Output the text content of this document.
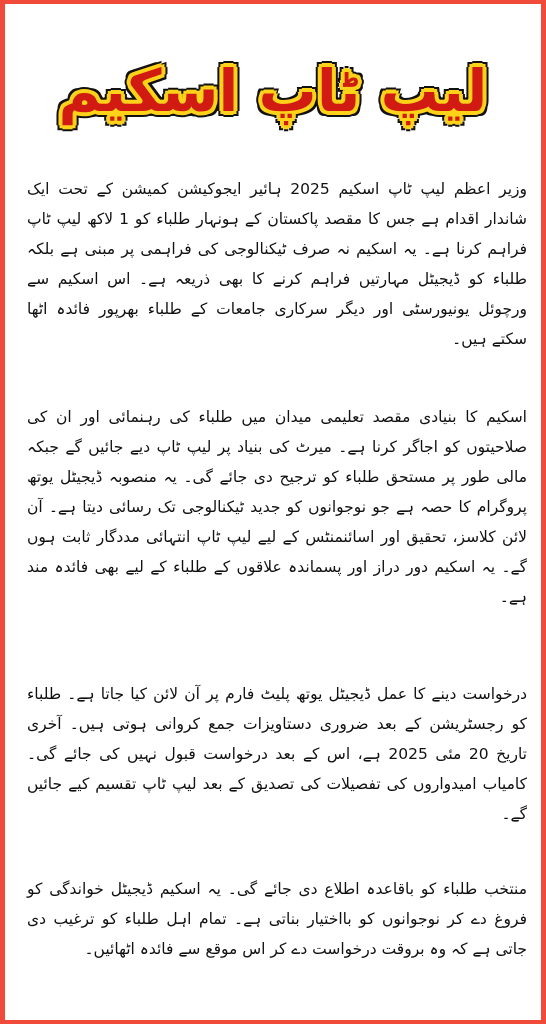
لیپ ٹاپ اسکیم

وزیر اعظم لیپ ٹاپ اسکیم 2025 ہائیر ایجوکیشن کمیشن کے تحت ایک شاندار اقدام ہے جس کا مقصد پاکستان کے ہونہار طلباء کو 1 لاکھ لیپ ٹاپ فراہم کرنا ہے۔ یہ اسکیم نہ صرف ٹیکنالوجی کی فراہمی پر مبنی ہے بلکہ طلباء کو ڈیجیٹل مہارتیں فراہم کرنے کا بھی ذریعہ ہے۔ اس اسکیم سے ورچوئل یونیورسٹی اور دیگر سرکاری جامعات کے طلباء بھرپور فائدہ اٹھا سکتے ہیں۔

اسکیم کا بنیادی مقصد تعلیمی میدان میں طلباء کی رہنمائی اور ان کی صلاحیتوں کو اجاگر کرنا ہے۔ میرٹ کی بنیاد پر لیپ ٹاپ دیے جائیں گے جبکہ مالی طور پر مستحق طلباء کو ترجیح دی جائے گی۔ یہ منصوبہ ڈیجیٹل یوتھ پروگرام کا حصہ ہے جو نوجوانوں کو جدید ٹیکنالوجی تک رسائی دیتا ہے۔ آن لائن کلاسز، تحقیق اور اسائنمنٹس کے لیے لیپ ٹاپ انتہائی مددگار ثابت ہوں گے۔ یہ اسکیم دور دراز اور پسماندہ علاقوں کے طلباء کے لیے بھی فائدہ مند ہے۔

درخواست دینے کا عمل ڈیجیٹل یوتھ پلیٹ فارم پر آن لائن کیا جاتا ہے۔ طلباء کو رجسٹریشن کے بعد ضروری دستاویزات جمع کروانی ہوتی ہیں۔ آخری تاریخ 20 مئی 2025 ہے، اس کے بعد درخواست قبول نہیں کی جائے گی۔ کامیاب امیدواروں کی تفصیلات کی تصدیق کے بعد لیپ ٹاپ تقسیم کیے جائیں گے۔

منتخب طلباء کو باقاعدہ اطلاع دی جائے گی۔ یہ اسکیم ڈیجیٹل خواندگی کو فروغ دے کر نوجوانوں کو بااختیار بناتی ہے۔ تمام اہل طلباء کو ترغیب دی جاتی ہے کہ وہ بروقت درخواست دے کر اس موقع سے فائدہ اٹھائیں۔
